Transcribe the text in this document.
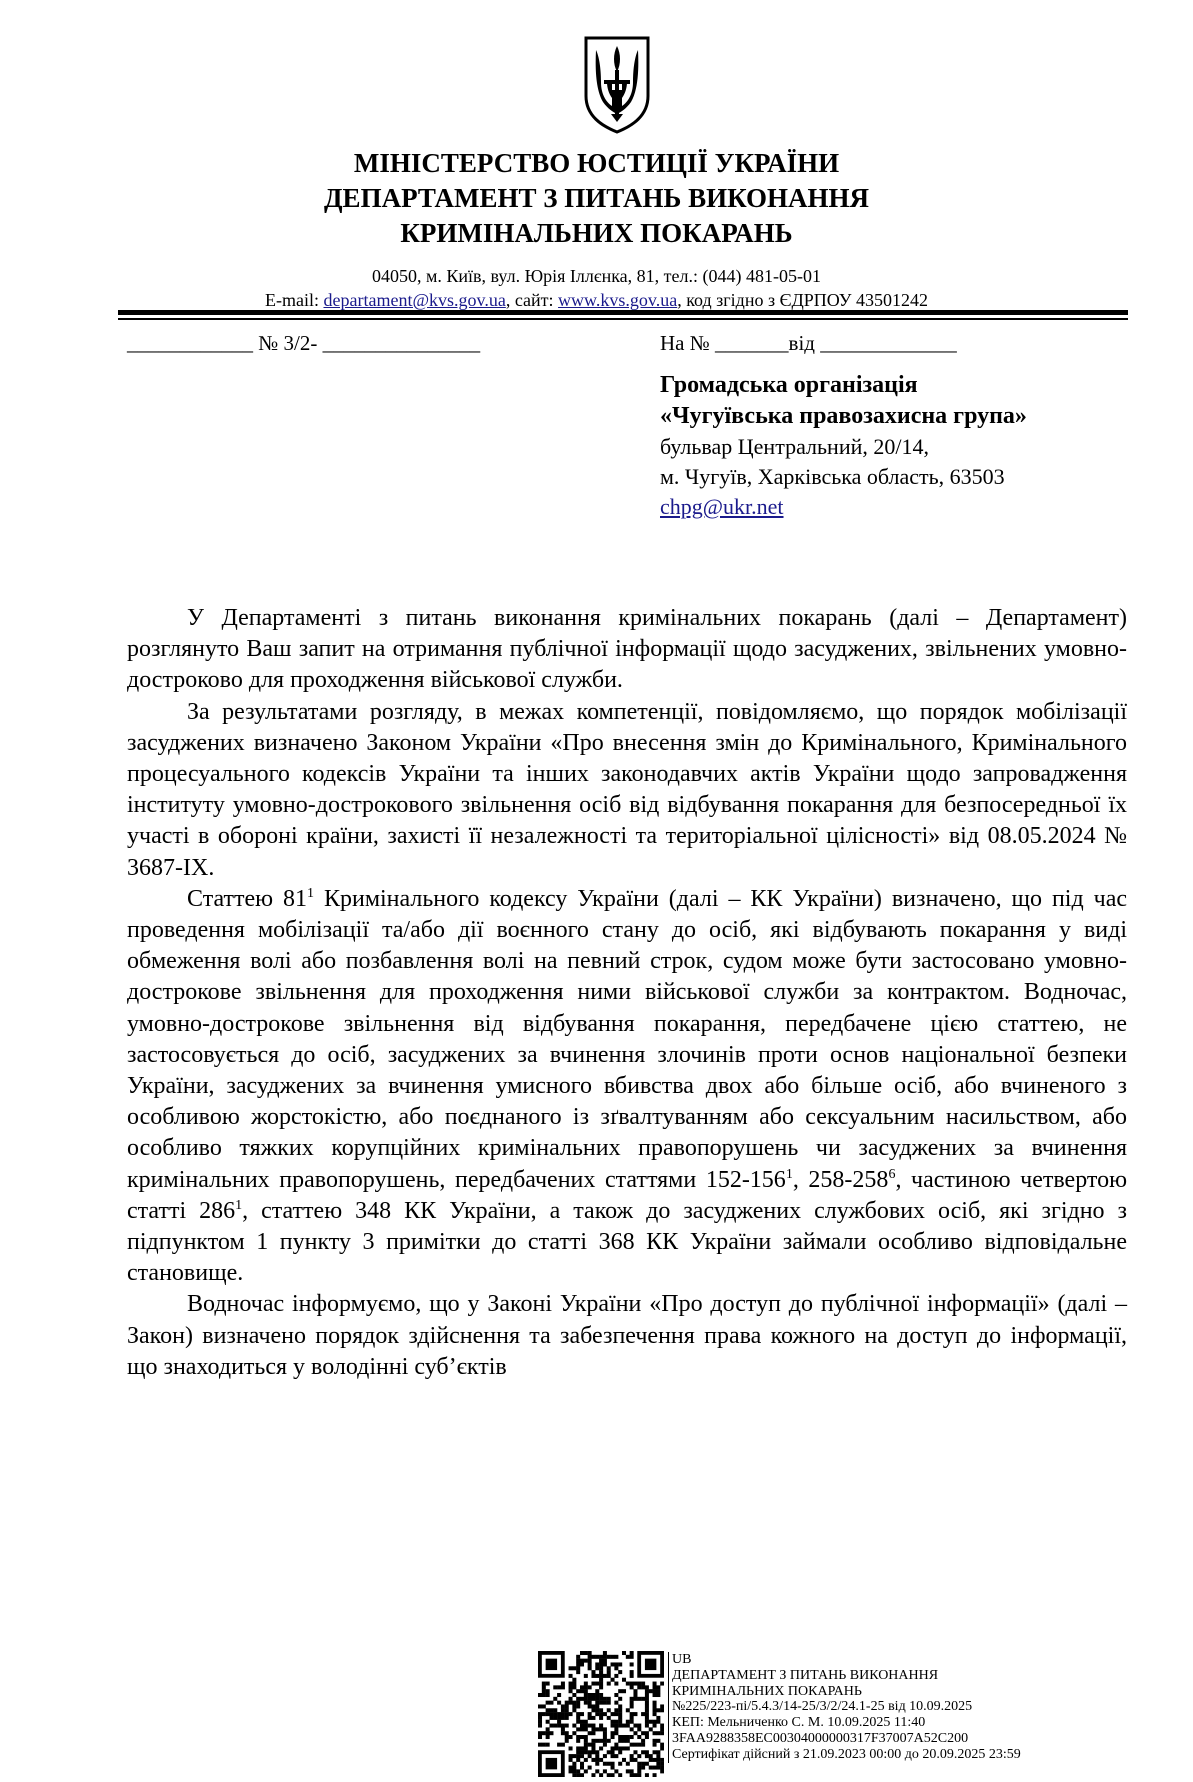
МІНІСТЕРСТВО ЮСТИЦІЇ УКРАЇНИ
ДЕПАРТАМЕНТ З ПИТАНЬ ВИКОНАННЯ
КРИМІНАЛЬНИХ ПОКАРАНЬ
04050, м. Київ, вул. Юрія Іллєнка, 81, тел.: (044) 481-05-01
E-mail: departament@kvs.gov.ua, сайт: www.kvs.gov.ua, код згідно з ЄДРПОУ 43501242
____________ № 3/2- _______________	На № _______від _____________
Громадська організація
«Чугуївська правозахисна група»
бульвар Центральний, 20/14,
м. Чугуїв, Харківська область, 63503
chpg@ukr.net

У Департаменті з питань виконання кримінальних покарань (далі – Департамент) розглянуто Ваш запит на отримання публічної інформації щодо засуджених, звільнених умовно-достроково для проходження військової служби.

За результатами розгляду, в межах компетенції, повідомляємо, що порядок мобілізації засуджених визначено Законом України «Про внесення змін до Кримінального, Кримінального процесуального кодексів України та інших законодавчих актів України щодо запровадження інституту умовно-дострокового звільнення осіб від відбування покарання для безпосередньої їх участі в обороні країни, захисті її незалежності та територіальної цілісності» від 08.05.2024 № 3687-IX.

Статтею $81^1$ Кримінального кодексу України (далі – КК України) визначено, що під час проведення мобілізації та/або дії воєнного стану до осіб, які відбувають покарання у виді обмеження волі або позбавлення волі на певний строк, судом може бути застосовано умовно-дострокове звільнення для проходження ними військової служби за контрактом. Водночас, умовно-дострокове звільнення від відбування покарання, передбачене цією статтею, не застосовується до осіб, засуджених за вчинення злочинів проти основ національної безпеки України, засуджених за вчинення умисного вбивства двох або більше осіб, або вчиненого з особливою жорстокістю, або поєднаного із зґвалтуванням або сексуальним насильством, або особливо тяжких корупційних кримінальних правопорушень чи засуджених за вчинення кримінальних правопорушень, передбачених статтями $152-156^1$, $258-258^6$, частиною четвертою статті $286^1$, статтею 348 КК України, а також до засуджених службових осіб, які згідно з підпунктом 1 пункту 3 примітки до статті 368 КК України займали особливо відповідальне становище.

Водночас інформуємо, що у Законі України «Про доступ до публічної інформації» (далі – Закон) визначено порядок здійснення та забезпечення права кожного на доступ до інформації, що знаходиться у володінні суб’єктів

UB
ДЕПАРТАМЕНТ З ПИТАНЬ ВИКОНАННЯ
КРИМІНАЛЬНИХ ПОКАРАНЬ
№225/223-пі/5.4.3/14-25/3/2/24.1-25 від 10.09.2025
КЕП: Мельниченко С. М. 10.09.2025 11:40
3FAA9288358EC00304000000317F37007A52C200
Сертифікат дійсний з 21.09.2023 00:00 до 20.09.2025 23:59
